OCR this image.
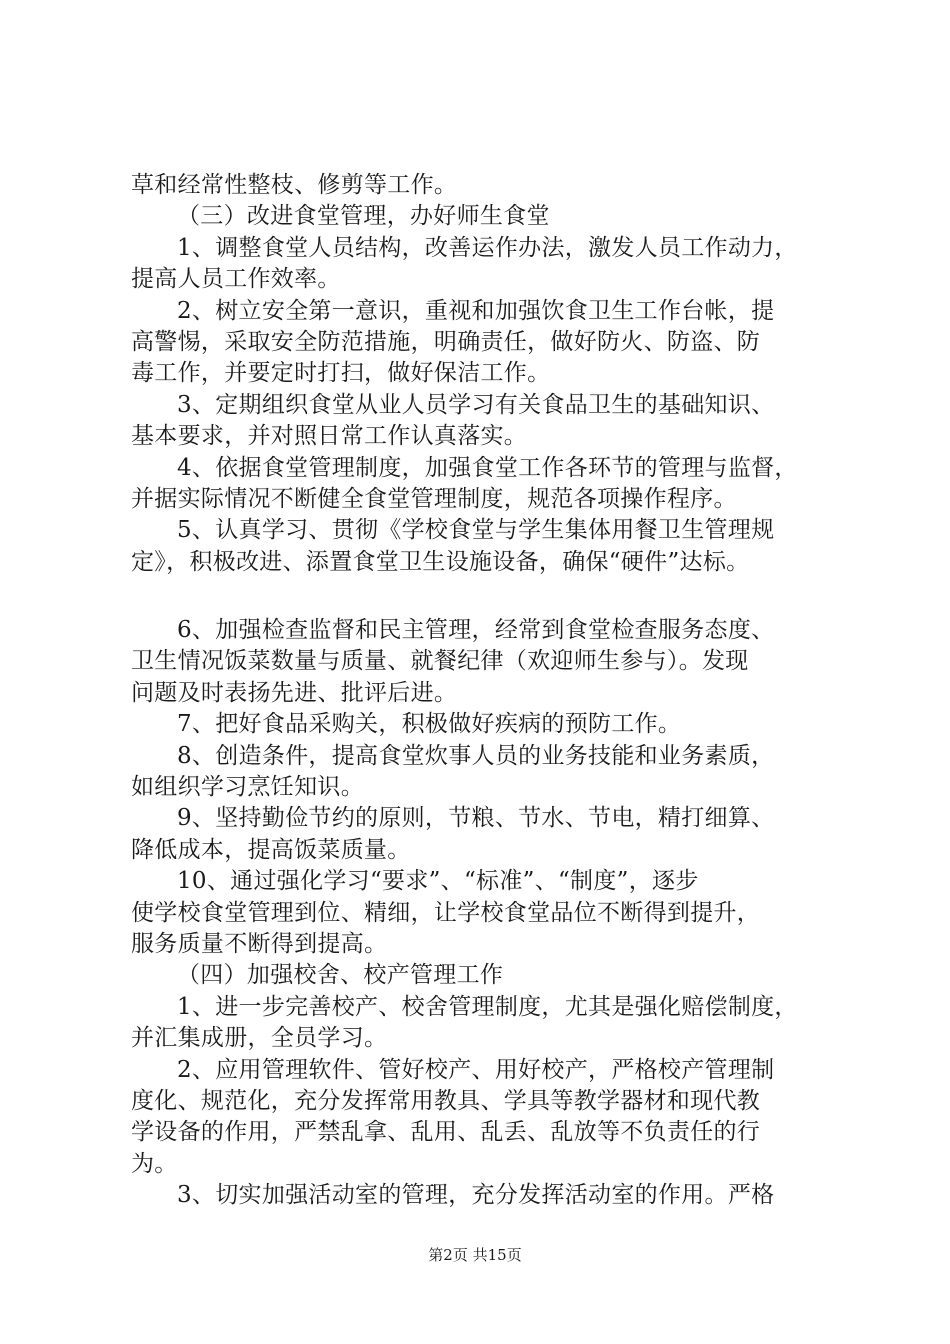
草和经常性整枝、修剪等工作。
（三）改进食堂管理，办好师生食堂
1、调整食堂人员结构，改善运作办法，激发人员工作动力，
提高人员工作效率。
2、树立安全第一意识，重视和加强饮食卫生工作台帐，提
高警惕，采取安全防范措施，明确责任，做好防火、防盗、防
毒工作，并要定时打扫，做好保洁工作。
3、定期组织食堂从业人员学习有关食品卫生的基础知识、
基本要求，并对照日常工作认真落实。
4、依据食堂管理制度，加强食堂工作各环节的管理与监督，
并据实际情况不断健全食堂管理制度，规范各项操作程序。
5、认真学习、贯彻《学校食堂与学生集体用餐卫生管理规
定》，积极改进、添置食堂卫生设施设备，确保“硬件”达标。
6、加强检查监督和民主管理，经常到食堂检查服务态度、
卫生情况饭菜数量与质量、就餐纪律（欢迎师生参与）。发现
问题及时表扬先进、批评后进。
7、把好食品采购关，积极做好疾病的预防工作。
8、创造条件，提高食堂炊事人员的业务技能和业务素质，
如组织学习烹饪知识。
9、坚持勤俭节约的原则，节粮、节水、节电，精打细算、
降低成本，提高饭菜质量。
10、通过强化学习“要求”、“标准”、“制度”，逐步
使学校食堂管理到位、精细，让学校食堂品位不断得到提升，
服务质量不断得到提高。
（四）加强校舍、校产管理工作
1、进一步完善校产、校舍管理制度，尤其是强化赔偿制度，
并汇集成册，全员学习。
2、应用管理软件、管好校产、用好校产，严格校产管理制
度化、规范化，充分发挥常用教具、学具等教学器材和现代教
学设备的作用，严禁乱拿、乱用、乱丢、乱放等不负责任的行
为。
3、切实加强活动室的管理，充分发挥活动室的作用。严格
第2页 共15页
